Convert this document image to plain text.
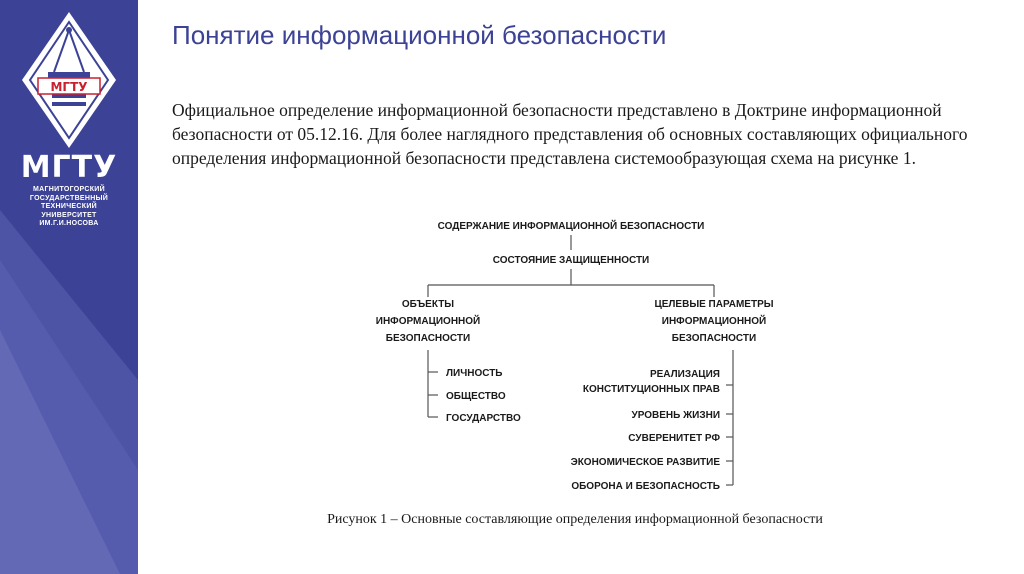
МГТУ
МГТУ
МАГНИТОГОРСКИЙ
ГОСУДАРСТВЕННЫЙ
ТЕХНИЧЕСКИЙ
УНИВЕРСИТЕТ
ИМ.Г.И.НОСОВА
Понятие информационной безопасности
Официальное определение информационной безопасности представлено в Доктрине информационной безопасности от 05.12.16. Для более наглядного представления об основных составляющих официального определения информационной безопасности представлена системообразующая схема на рисунке 1.
СОДЕРЖАНИЕ ИНФОРМАЦИОННОЙ БЕЗОПАСНОСТИ
СОСТОЯНИЕ ЗАЩИЩЕННОСТИ
ОБЪЕКТЫ
ИНФОРМАЦИОННОЙ
БЕЗОПАСНОСТИ
ЛИЧНОСТЬ
ОБЩЕСТВО
ГОСУДАРСТВО
ЦЕЛЕВЫЕ ПАРАМЕТРЫ
ИНФОРМАЦИОННОЙ
БЕЗОПАСНОСТИ
РЕАЛИЗАЦИЯ
КОНСТИТУЦИОННЫХ ПРАВ
УРОВЕНЬ ЖИЗНИ
СУВЕРЕНИТЕТ РФ
ЭКОНОМИЧЕСКОЕ РАЗВИТИЕ
ОБОРОНА И БЕЗОПАСНОСТЬ
Рисунок 1 – Основные составляющие определения информационной безопасности
